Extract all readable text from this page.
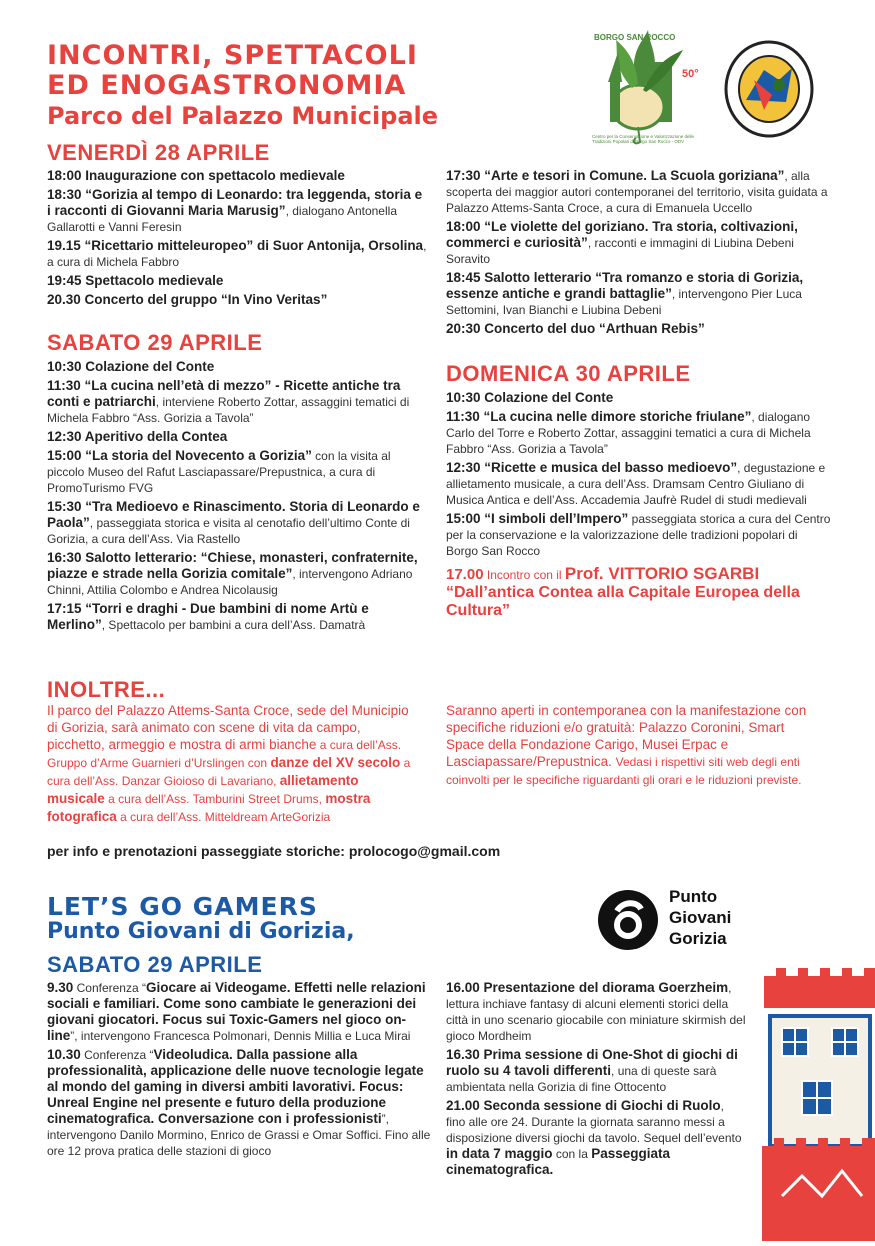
INCONTRI, SPETTACOLI
ED ENOGASTRONOMIA
Parco del Palazzo Municipale
BORGO SAN ROCCO
50°
Centro per la Conservazione e Valorizzazione delle Tradizioni Popolari di Borgo San Rocco - ODV
VENERDÌ 28 APRILE
18:00 Inaugurazione con spettacolo medievale
18:30 “Gorizia al tempo di Leonardo: tra leggenda, storia e i racconti di Giovanni Maria Marusig”, dialogano Antonella Gallarotti e Vanni Feresin
19.15 “Ricettario mitteleuropeo” di Suor Antonija, Orsolina, a cura di Michela Fabbro
19:45 Spettacolo medievale
20.30 Concerto del gruppo “In Vino Veritas”
SABATO 29 APRILE
10:30 Colazione del Conte
11:30 “La cucina nell’età di mezzo” - Ricette antiche tra conti e patriarchi, interviene Roberto Zottar, assaggini tematici di Michela Fabbro “Ass. Gorizia a Tavola”
12:30 Aperitivo della Contea
15:00 “La storia del Novecento a Gorizia” con la visita al piccolo Museo del Rafut Lasciapassare/Prepustnica, a cura di PromoTurismo FVG
15:30 “Tra Medioevo e Rinascimento. Storia di Leonardo e Paola”, passeggiata storica e visita al cenotafio dell’ultimo Conte di Gorizia, a cura dell’Ass. Via Rastello
16:30 Salotto letterario: “Chiese, monasteri, confraternite, piazze e strade nella Gorizia comitale”, intervengono Adriano Chinni, Attilia Colombo e Andrea Nicolausig
17:15 “Torri e draghi - Due bambini di nome Artù e Merlino”, Spettacolo per bambini a cura dell’Ass. Damatrà
17:30 “Arte e tesori in Comune. La Scuola goriziana”, alla scoperta dei maggior autori contemporanei del territorio, visita guidata a Palazzo Attems-Santa Croce, a cura di Emanuela Uccello
18:00 “Le violette del goriziano. Tra storia, coltivazioni, commerci e curiosità”, racconti e immagini di Liubina Debeni Soravito
18:45 Salotto letterario “Tra romanzo e storia di Gorizia, essenze antiche e grandi battaglie”, intervengono Pier Luca Settomini, Ivan Bianchi e Liubina Debeni
20:30 Concerto del duo “Arthuan Rebis”
DOMENICA 30 APRILE
10:30 Colazione del Conte
11:30 “La cucina nelle dimore storiche friulane”, dialogano Carlo del Torre e Roberto Zottar, assaggini tematici a cura di Michela Fabbro “Ass. Gorizia a Tavola”
12:30 “Ricette e musica del basso medioevo”, degustazione e allietamento musicale, a cura dell’Ass. Dramsam Centro Giuliano di Musica Antica e dell’Ass. Accademia Jaufrè Rudel di studi medievali
15:00 “I simboli dell’Impero” passeggiata storica a cura del Centro per la conservazione e la valorizzazione delle tradizioni popolari di Borgo San Rocco
17.00 Incontro con il Prof. VITTORIO SGARBI
“Dall’antica Contea alla Capitale Europea della Cultura”
INOLTRE...
Il parco del Palazzo Attems-Santa Croce, sede del Municipio di Gorizia, sarà animato con scene di vita da campo, picchetto, armeggio e mostra di armi bianche a cura dell’Ass. Gruppo d’Arme Guarnieri d’Urslingen con danze del XV secolo a cura dell’Ass. Danzar Gioioso di Lavariano, allietamento musicale a cura dell’Ass. Tamburini Street Drums, mostra fotografica a cura dell’Ass. Mitteldream ArteGorizia
Saranno aperti in contemporanea con la manifestazione con specifiche riduzioni e/o gratuità: Palazzo Coronini, Smart Space della Fondazione Carigo, Musei Erpac e Lasciapassare/Prepustnica. Vedasi i rispettivi siti web degli enti coinvolti per le specifiche riguardanti gli orari e le riduzioni previste.
per info e prenotazioni passeggiate storiche: prolocogo@gmail.com
LET’S GO GAMERS
Punto Giovani di Gorizia,
SABATO 29 APRILE
Punto
Giovani
Gorizia
9.30 Conferenza “Giocare ai Videogame. Effetti nelle relazioni sociali e familiari. Come sono cambiate le generazioni dei giovani giocatori. Focus sui Toxic-Gamers nel gioco on-line”, intervengono Francesca Polmonari, Dennis Millia e Luca Mirai
10.30 Conferenza “Videoludica. Dalla passione alla professionalità, applicazione delle nuove tecnologie legate al mondo del gaming in diversi ambiti lavorativi. Focus: Unreal Engine nel presente e futuro della produzione cinematografica. Conversazione con i professionisti”, intervengono Danilo Mormino, Enrico de Grassi e Omar Soffici. Fino alle ore 12 prova pratica delle stazioni di gioco
16.00 Presentazione del diorama Goerzheim, lettura inchiave fantasy di alcuni elementi storici della città in uno scenario giocabile con miniature skirmish del gioco Mordheim
16.30 Prima sessione di One-Shot di giochi di ruolo su 4 tavoli differenti, una di queste sarà ambientata nella Gorizia di fine Ottocento
21.00 Seconda sessione di Giochi di Ruolo, fino alle ore 24. Durante la giornata saranno messi a disposizione diversi giochi da tavolo. Sequel dell’evento in data 7 maggio con la Passeggiata cinematografica.
